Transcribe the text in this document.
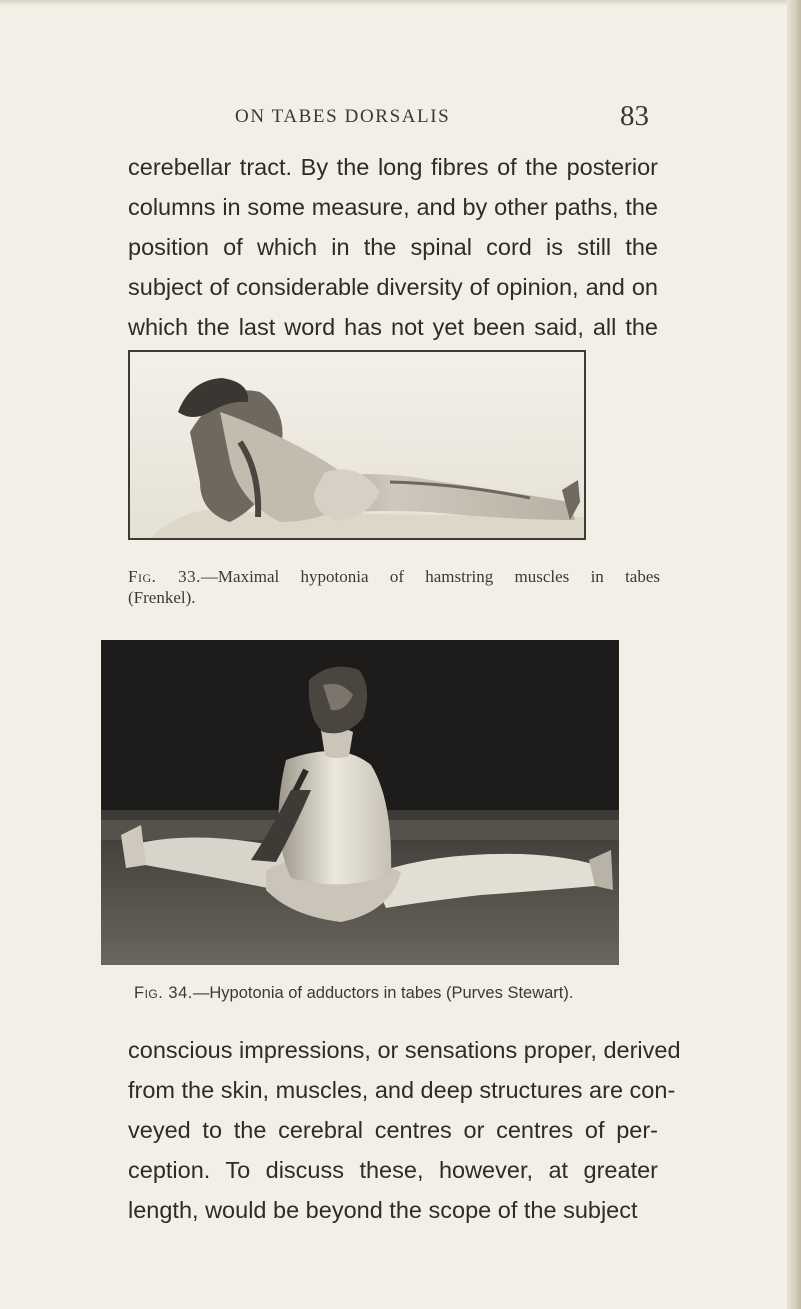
ON TABES DORSALIS	83
cerebellar tract. By the long fibres of the posterior
columns in some measure, and by other paths, the
position of which in the spinal cord is still the
subject of considerable diversity of opinion, and on
which the last word has not yet been said, all the
Fig. 33.—Maximal hypotonia of hamstring muscles in tabes
(Frenkel).
Fig. 34.—Hypotonia of adductors in tabes (Purves Stewart).
conscious impressions, or sensations proper, derived
from the skin, muscles, and deep structures are con-
veyed to the cerebral centres or centres of per-
ception. To discuss these, however, at greater
length, would be beyond the scope of the subject
